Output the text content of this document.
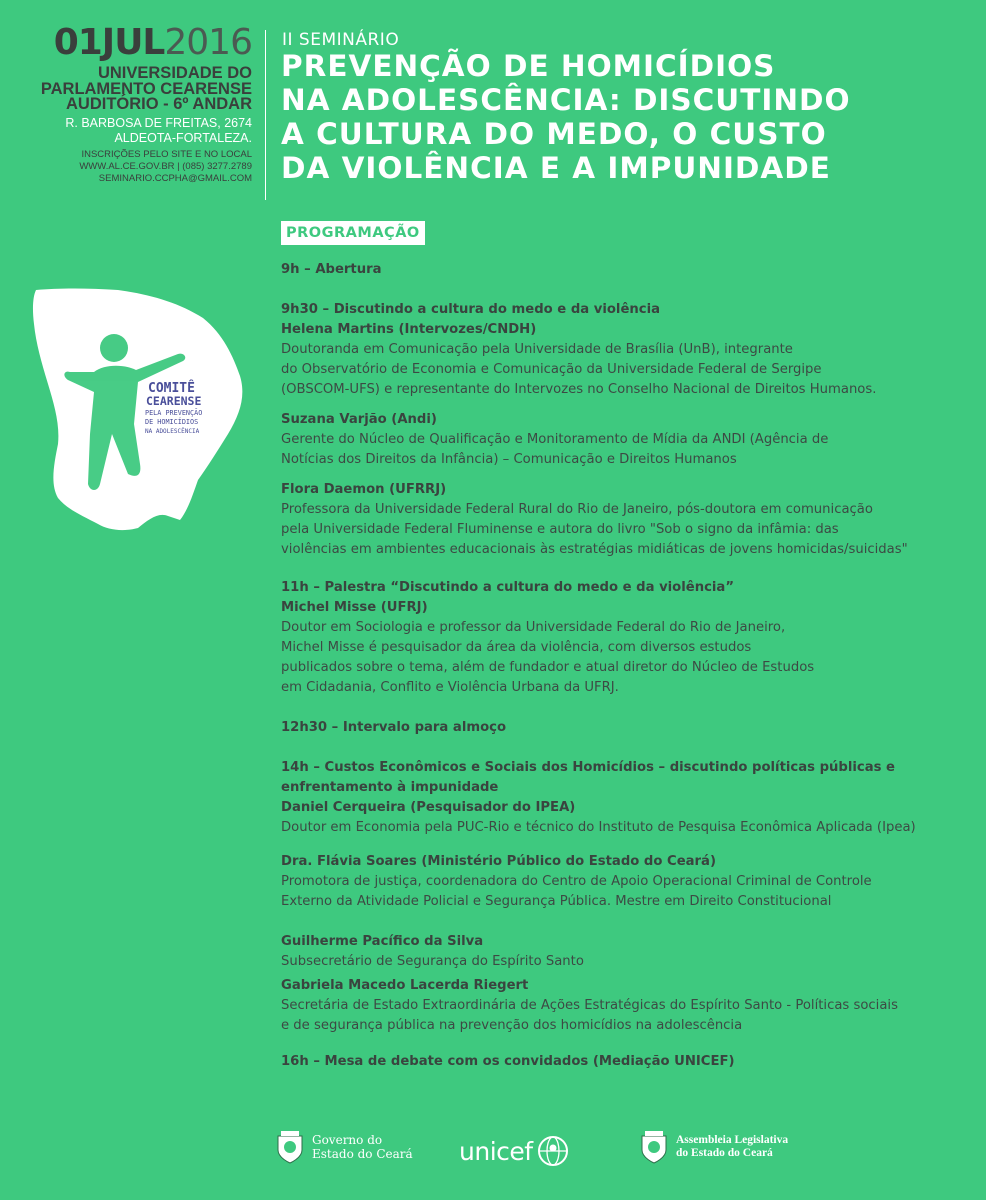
01JUL2016
UNIVERSIDADE DO
PARLAMENTO CEARENSE
AUDITÓRIO - 6º ANDAR
R. BARBOSA DE FREITAS, 2674
ALDEOTA-FORTALEZA.
INSCRIÇÕES PELO SITE E NO LOCAL
WWW.AL.CE.GOV.BR | (085) 3277.2789
SEMINARIO.CCPHA@GMAIL.COM
II SEMINÁRIO
PREVENÇÃO DE HOMICÍDIOS
NA ADOLESCÊNCIA: DISCUTINDO
A CULTURA DO MEDO, O CUSTO
DA VIOLÊNCIA E A IMPUNIDADE
PROGRAMAÇÃO
COMITÊ
CEARENSE
PELA PREVENÇÃO
DE HOMICÍDIOS
NA ADOLESCÊNCIA
9h – Abertura
9h30 – Discutindo a cultura do medo e da violência
Helena Martins (Intervozes/CNDH)
Doutoranda em Comunicação pela Universidade de Brasília (UnB), integrante
do Observatório de Economia e Comunicação da Universidade Federal de Sergipe
(OBSCOM-UFS) e representante do Intervozes no Conselho Nacional de Direitos Humanos.
Suzana Varjão (Andi)
Gerente do Núcleo de Qualificação e Monitoramento de Mídia da ANDI (Agência de
Notícias dos Direitos da Infância) – Comunicação e Direitos Humanos
Flora Daemon (UFRRJ)
Professora da Universidade Federal Rural do Rio de Janeiro, pós-doutora em comunicação
pela Universidade Federal Fluminense e autora do livro "Sob o signo da infâmia: das
violências em ambientes educacionais às estratégias midiáticas de jovens homicidas/suicidas"
11h – Palestra “Discutindo a cultura do medo e da violência”
Michel Misse (UFRJ)
Doutor em Sociologia e professor da Universidade Federal do Rio de Janeiro,
Michel Misse é pesquisador da área da violência, com diversos estudos
publicados sobre o tema, além de fundador e atual diretor do Núcleo de Estudos
em Cidadania, Conflito e Violência Urbana da UFRJ.
12h30 – Intervalo para almoço
14h – Custos Econômicos e Sociais dos Homicídios – discutindo políticas públicas e
enfrentamento à impunidade
Daniel Cerqueira (Pesquisador do IPEA)
Doutor em Economia pela PUC-Rio e técnico do Instituto de Pesquisa Econômica Aplicada (Ipea)
Dra. Flávia Soares (Ministério Público do Estado do Ceará)
Promotora de justiça, coordenadora do Centro de Apoio Operacional Criminal de Controle
Externo da Atividade Policial e Segurança Pública. Mestre em Direito Constitucional
Guilherme Pacífico da Silva
Subsecretário de Segurança do Espírito Santo
Gabriela Macedo Lacerda Riegert
Secretária de Estado Extraordinária de Ações Estratégicas do Espírito Santo - Políticas sociais
e de segurança pública na prevenção dos homicídios na adolescência
16h – Mesa de debate com os convidados (Mediação UNICEF)
Governo do
Estado do Ceará unicef	Assembleia Legislativa
do Estado do Ceará
